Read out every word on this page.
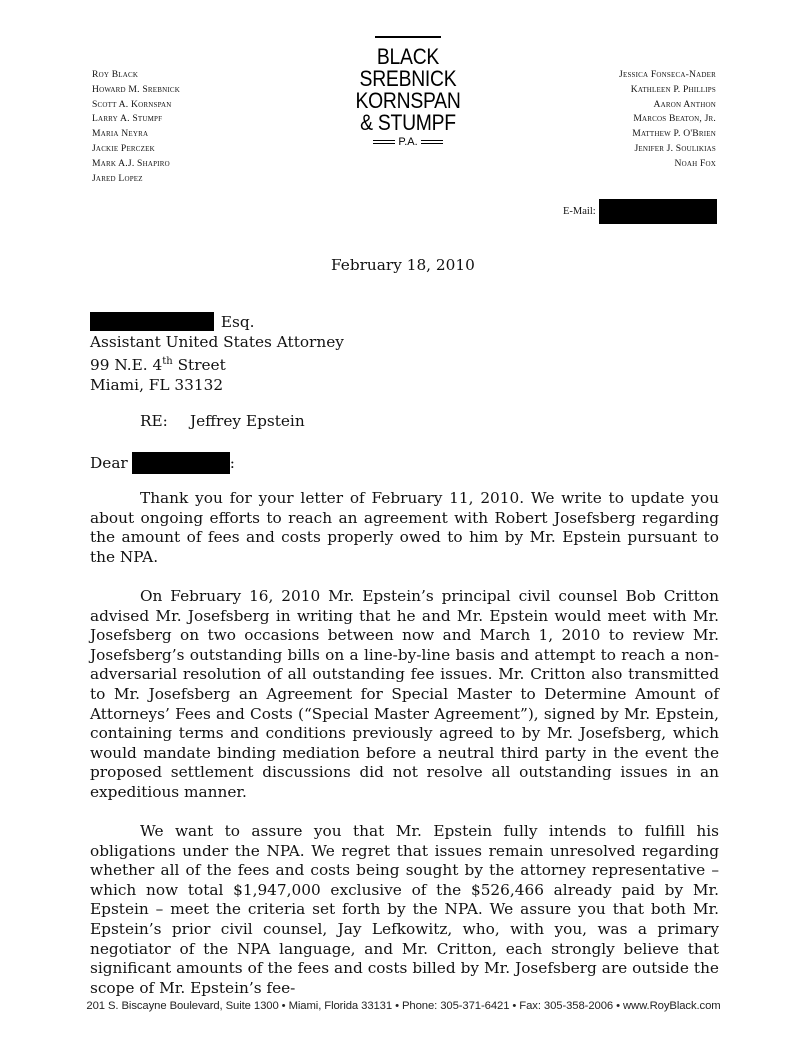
Roy Black
Howard M. Srebnick
Scott A. Kornspan
Larry A. Stumpf
Maria Neyra
Jackie Perczek
Mark A.J. Shapiro
Jared Lopez
BLACK
SREBNICK
KORNSPAN
& STUMPF
P.A.
Jessica Fonseca-Nader
Kathleen P. Phillips
Aaron Anthon
Marcos Beaton, Jr.
Matthew P. O'Brien
Jenifer J. Soulikias
Noah Fox
E-Mail:
February 18, 2010
Esq.
Assistant United States Attorney
99 N.E. 4th Street
Miami, FL 33132
RE: Jeffrey Epstein
Dear	:

Thank you for your letter of February 11, 2010. We write to update you about ongoing efforts to reach an agreement with Robert Josefsberg regarding the amount of fees and costs properly owed to him by Mr. Epstein pursuant to the NPA.

On February 16, 2010 Mr. Epstein’s principal civil counsel Bob Critton advised Mr. Josefsberg in writing that he and Mr. Epstein would meet with Mr. Josefsberg on two occasions between now and March 1, 2010 to review Mr. Josefsberg’s outstanding bills on a line-by-line basis and attempt to reach a non-adversarial resolution of all outstanding fee issues. Mr. Critton also transmitted to Mr. Josefsberg an Agreement for Special Master to Determine Amount of Attorneys’ Fees and Costs (“Special Master Agreement”), signed by Mr. Epstein, containing terms and conditions previously agreed to by Mr. Josefsberg, which would mandate binding mediation before a neutral third party in the event the proposed settlement discussions did not resolve all outstanding issues in an expeditious manner.

We want to assure you that Mr. Epstein fully intends to fulfill his obligations under the NPA. We regret that issues remain unresolved regarding whether all of the fees and costs being sought by the attorney representative – which now total $1,947,000 exclusive of the $526,466 already paid by Mr. Epstein – meet the criteria set forth by the NPA. We assure you that both Mr. Epstein’s prior civil counsel, Jay Lefkowitz, who, with you, was a primary negotiator of the NPA language, and Mr. Critton, each strongly believe that significant amounts of the fees and costs billed by Mr. Josefsberg are outside the scope of Mr. Epstein’s fee-

201 S. Biscayne Boulevard, Suite 1300 • Miami, Florida 33131 • Phone: 305-371-6421 • Fax: 305-358-2006 • www.RoyBlack.com
